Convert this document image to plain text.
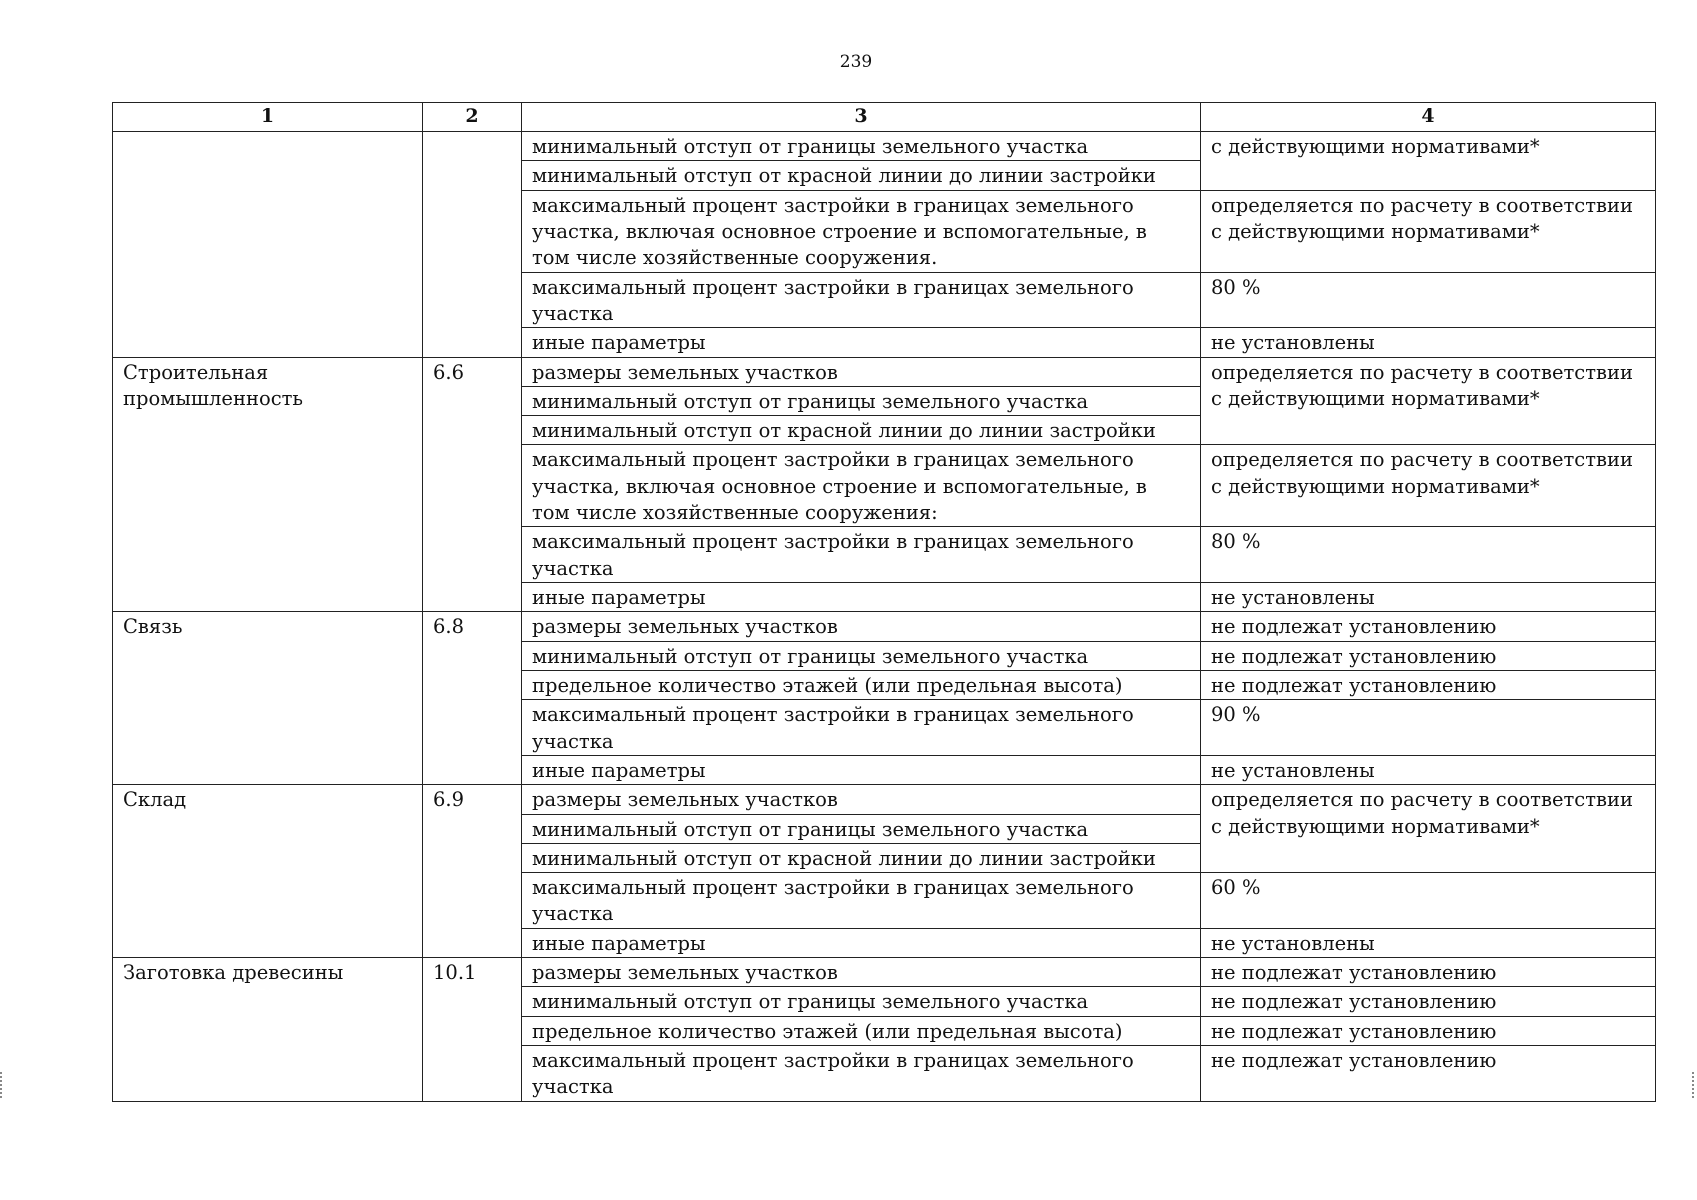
239
1	2	3	4
		минимальный отступ от границы земельного участка	с действующими нормативами*
		минимальный отступ от красной линии до линии застройки	
		максимальный процент застройки в границах земельного участка, включая основное строение и вспомогательные, в том числе хозяйственные сооружения.	определяется по расчету в соответствии с действующими нормативами*
		максимальный процент застройки в границах земельного участка	80 %
		иные параметры	не установлены
Строительная промышленность	6.6	размеры земельных участков	определяется по расчету в соответствии с действующими нормативами*
		минимальный отступ от границы земельного участка	
		минимальный отступ от красной линии до линии застройки	
		максимальный процент застройки в границах земельного участка, включая основное строение и вспомогательные, в том числе хозяйственные сооружения:	определяется по расчету в соответствии с действующими нормативами*
		максимальный процент застройки в границах земельного участка	80 %
		иные параметры	не установлены
Связь	6.8	размеры земельных участков	не подлежат установлению
		минимальный отступ от границы земельного участка	не подлежат установлению
		предельное количество этажей (или предельная высота)	не подлежат установлению
		максимальный процент застройки в границах земельного участка	90 %
		иные параметры	не установлены
Склад	6.9	размеры земельных участков	определяется по расчету в соответствии с действующими нормативами*
		минимальный отступ от границы земельного участка	
		минимальный отступ от красной линии до линии застройки	
		максимальный процент застройки в границах земельного участка	60 %
		иные параметры	не установлены
Заготовка древесины	10.1	размеры земельных участков	не подлежат установлению
		минимальный отступ от границы земельного участка	не подлежат установлению
		предельное количество этажей (или предельная высота)	не подлежат установлению
		максимальный процент застройки в границах земельного участка	не подлежат установлению
